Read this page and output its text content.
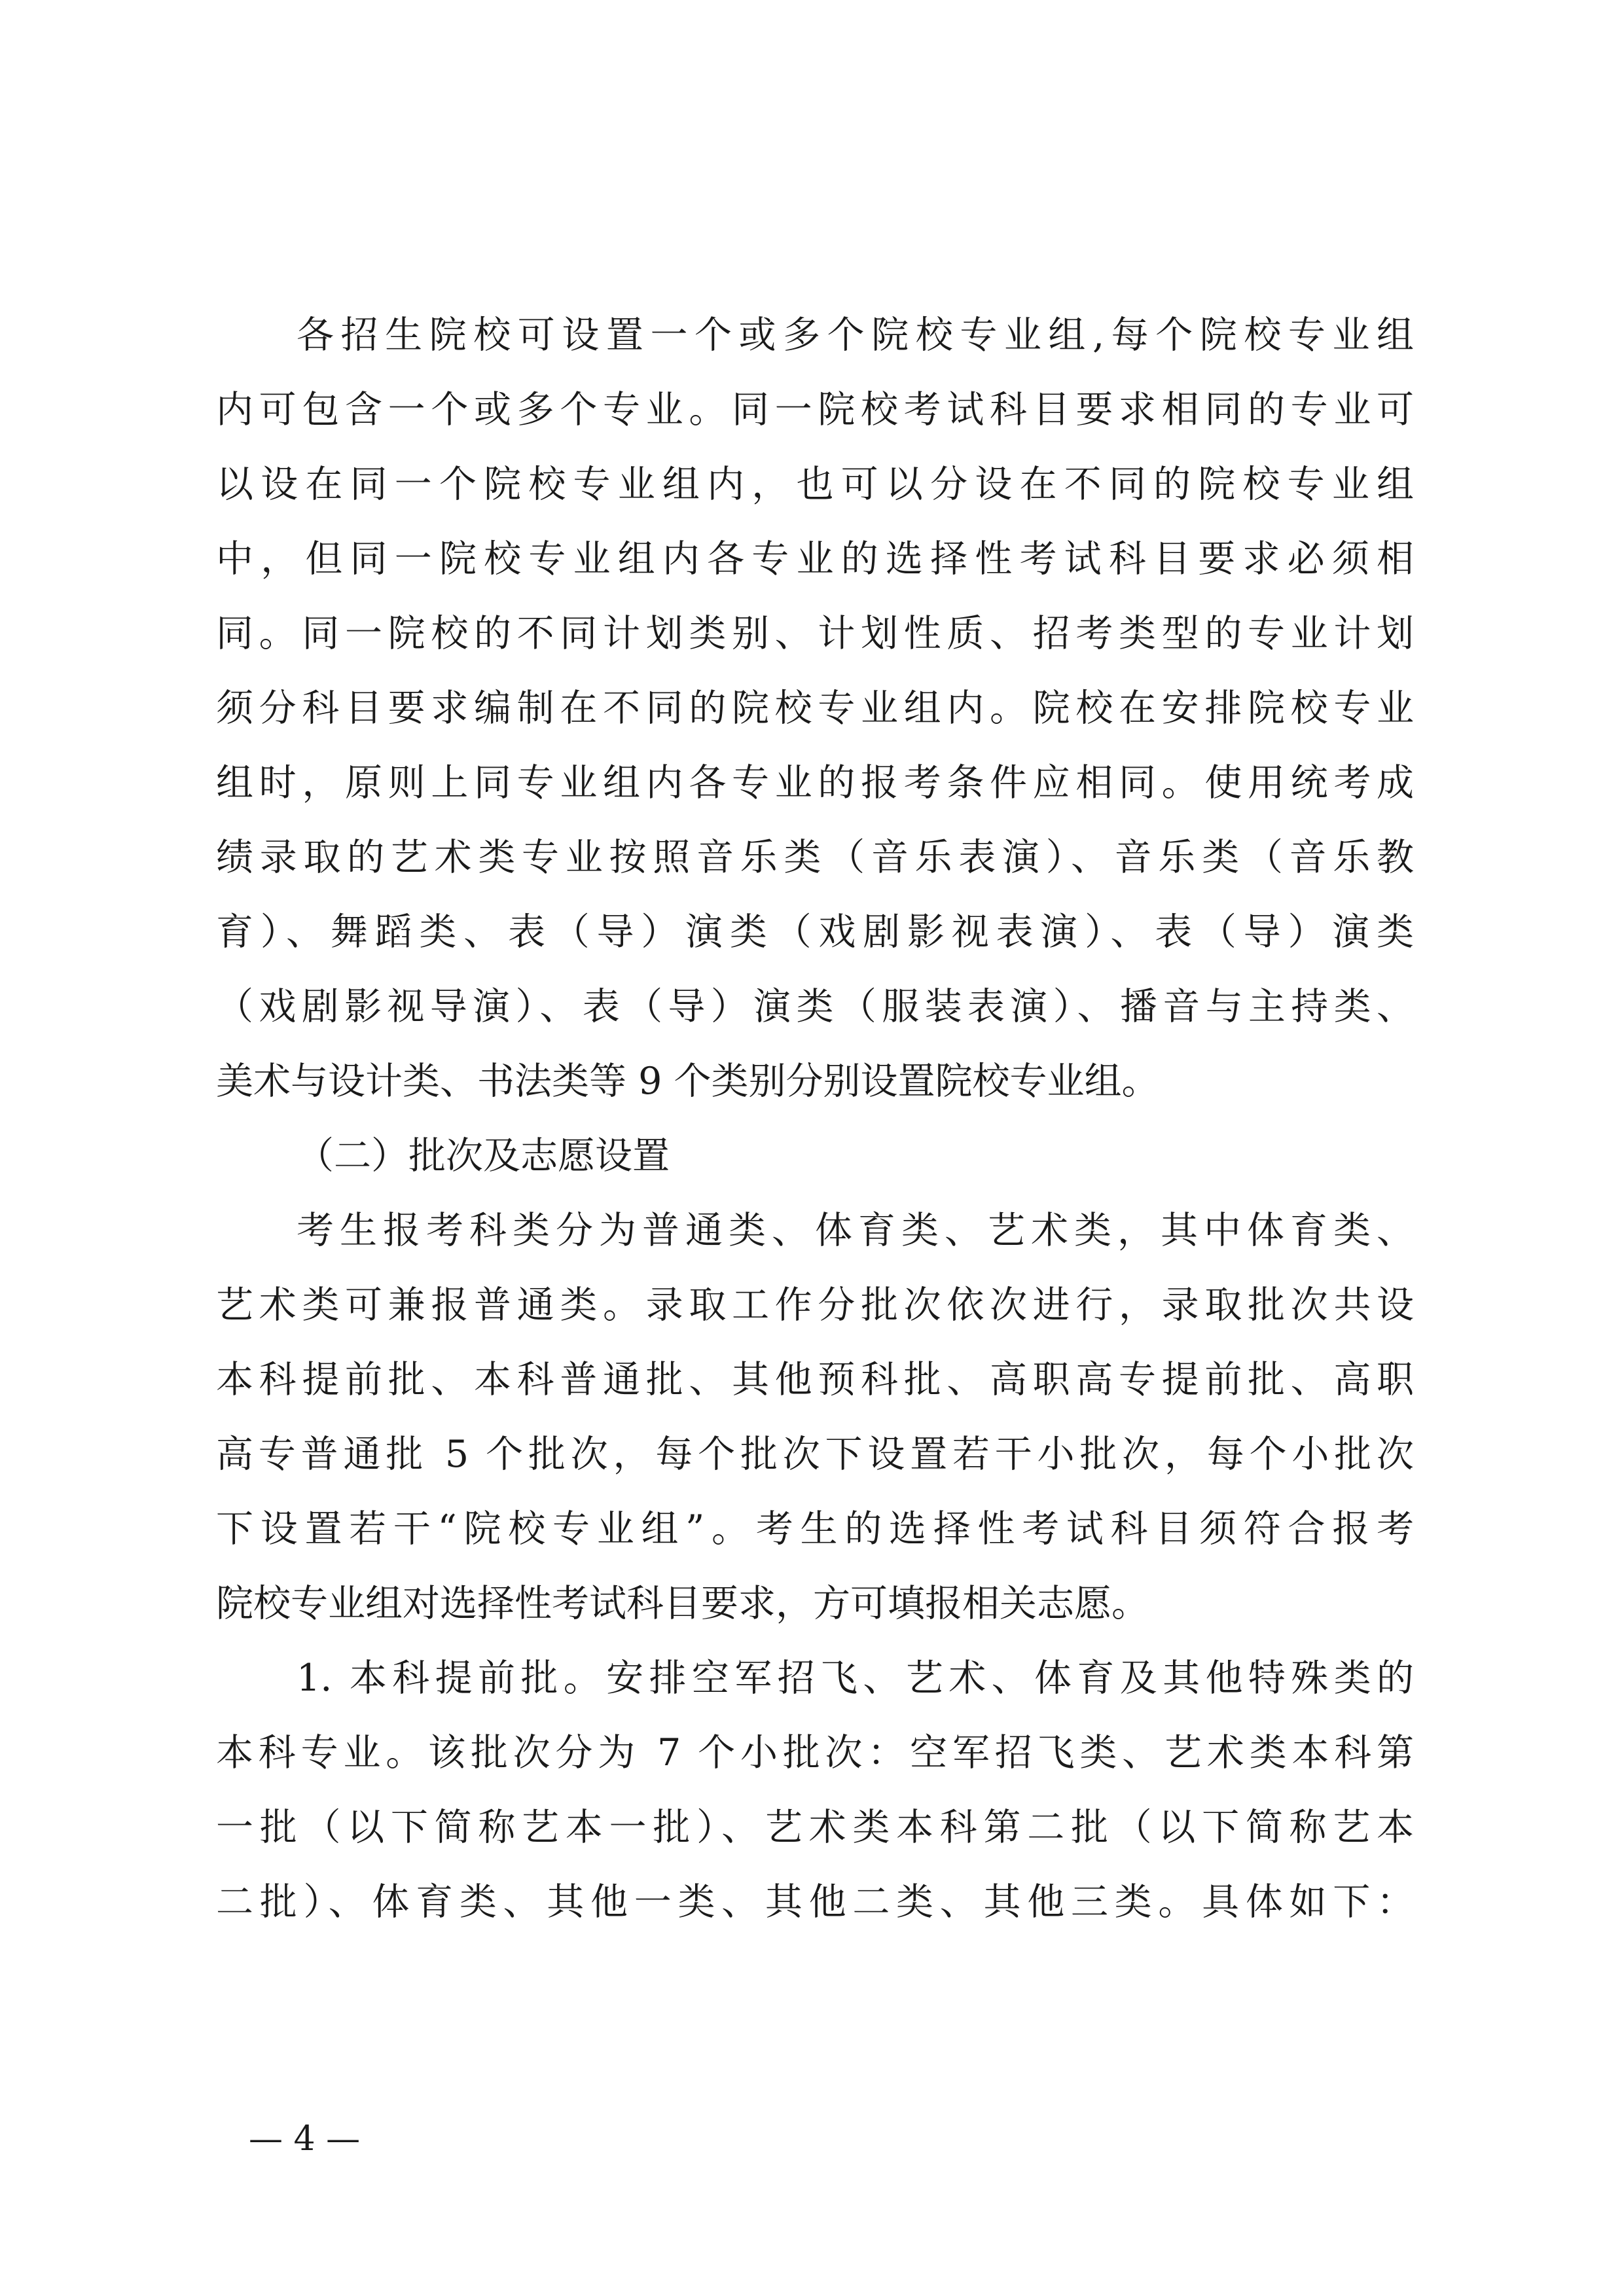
各招生院校可设置一个或多个院校专业组,每个院校专业组
内可包含一个或多个专业。同一院校考试科目要求相同的专业可
以设在同一个院校专业组内，也可以分设在不同的院校专业组
中，但同一院校专业组内各专业的选择性考试科目要求必须相
同。同一院校的不同计划类别、计划性质、招考类型的专业计划
须分科目要求编制在不同的院校专业组内。院校在安排院校专业
组时，原则上同专业组内各专业的报考条件应相同。使用统考成
绩录取的艺术类专业按照音乐类（音乐表演）、音乐类（音乐教
育）、舞蹈类、表（导）演类（戏剧影视表演）、表（导）演类
（戏剧影视导演）、表（导）演类（服装表演）、播音与主持类、
美术与设计类、书法类等 9 个类别分别设置院校专业组。
（二）批次及志愿设置
考生报考科类分为普通类、体育类、艺术类，其中体育类、
艺术类可兼报普通类。录取工作分批次依次进行，录取批次共设
本科提前批、本科普通批、其他预科批、高职高专提前批、高职
高专普通批 5 个批次，每个批次下设置若干小批次，每个小批次
下设置若干“院校专业组”。考生的选择性考试科目须符合报考
院校专业组对选择性考试科目要求，方可填报相关志愿。
1. 本科提前批。安排空军招飞、艺术、体育及其他特殊类的
本科专业。该批次分为 7 个小批次：空军招飞类、艺术类本科第
一批（以下简称艺本一批）、艺术类本科第二批（以下简称艺本
二批）、体育类、其他一类、其他二类、其他三类。具体如下：
— 4 —
